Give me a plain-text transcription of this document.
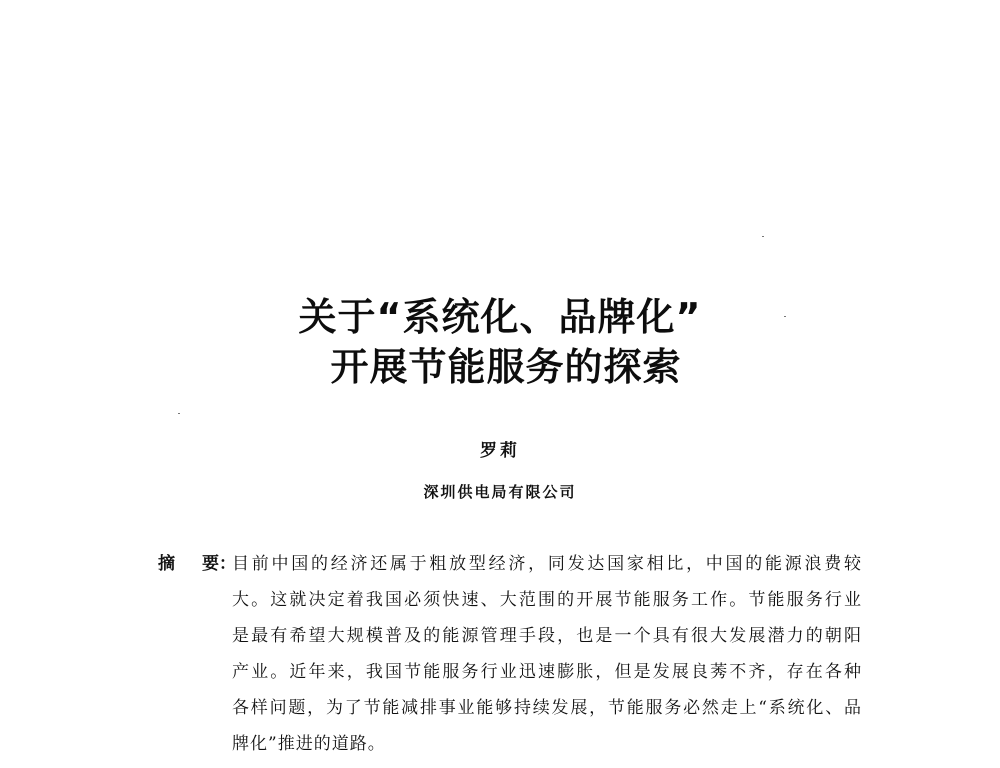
关于“系统化、品牌化”
开展节能服务的探索
罗莉
深圳供电局有限公司
摘 要：
目前中国的经济还属于粗放型经济，同发达国家相比，中国的能源浪费较
大。这就决定着我国必须快速、大范围的开展节能服务工作。节能服务行业
是最有希望大规模普及的能源管理手段，也是一个具有很大发展潜力的朝阳
产业。近年来，我国节能服务行业迅速膨胀，但是发展良莠不齐，存在各种
各样问题，为了节能减排事业能够持续发展，节能服务必然走上“系统化、品
牌化”推进的道路。
